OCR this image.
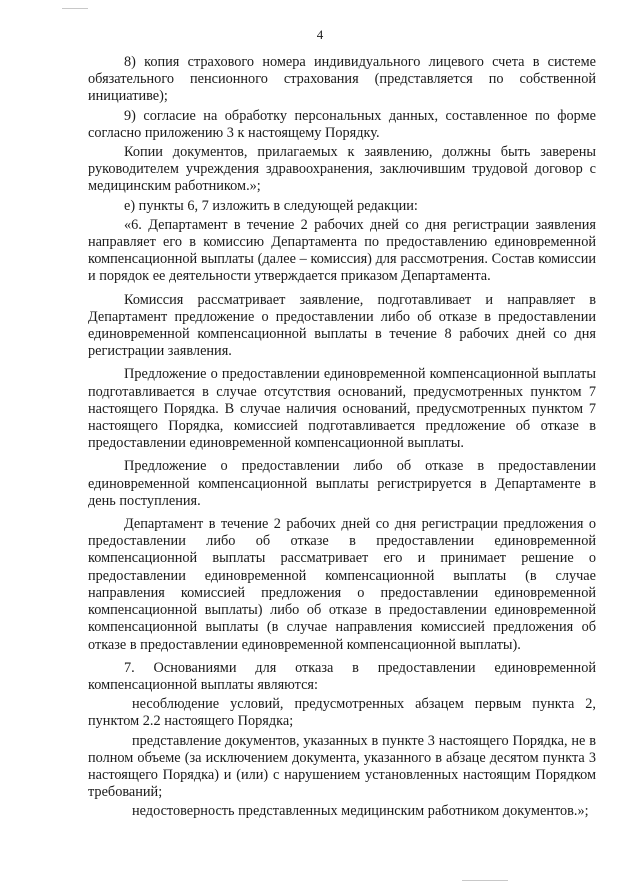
4

8) копия страхового номера индивидуального лицевого счета в системе обязательного пенсионного страхования (представляется по собственной инициативе);

9) согласие на обработку персональных данных, составленное по форме согласно приложению 3 к настоящему Порядку.

Копии документов, прилагаемых к заявлению, должны быть заверены руководителем учреждения здравоохранения, заключившим трудовой договор с медицинским работником.»;

е) пункты 6, 7 изложить в следующей редакции:

«6. Департамент в течение 2 рабочих дней со дня регистрации заявления направляет его в комиссию Департамента по предоставлению единовременной компенсационной выплаты (далее – комиссия) для рассмотрения. Состав комиссии и порядок ее деятельности утверждается приказом Департамента.

Комиссия рассматривает заявление, подготавливает и направляет в Департамент предложение о предоставлении либо об отказе в предоставлении единовременной компенсационной выплаты в течение 8 рабочих дней со дня регистрации заявления.

Предложение о предоставлении единовременной компенсационной выплаты подготавливается в случае отсутствия оснований, предусмотренных пунктом 7 настоящего Порядка. В случае наличия оснований, предусмотренных пунктом 7 настоящего Порядка, комиссией подготавливается предложение об отказе в предоставлении единовременной компенсационной выплаты.

Предложение о предоставлении либо об отказе в предоставлении единовременной компенсационной выплаты регистрируется в Департаменте в день поступления.

Департамент в течение 2 рабочих дней со дня регистрации предложения о предоставлении либо об отказе в предоставлении единовременной компенсационной выплаты рассматривает его и принимает решение о предоставлении единовременной компенсационной выплаты (в случае направления комиссией предложения о предоставлении единовременной компенсационной выплаты) либо об отказе в предоставлении единовременной компенсационной выплаты (в случае направления комиссией предложения об отказе в предоставлении единовременной компенсационной выплаты).

7. Основаниями для отказа в предоставлении единовременной компенсационной выплаты являются:

несоблюдение условий, предусмотренных абзацем первым пункта 2, пунктом 2.2 настоящего Порядка;

представление документов, указанных в пункте 3 настоящего Порядка, не в полном объеме (за исключением документа, указанного в абзаце десятом пункта 3 настоящего Порядка) и (или) с нарушением установленных настоящим Порядком требований;

недостоверность представленных медицинским работником документов.»;
